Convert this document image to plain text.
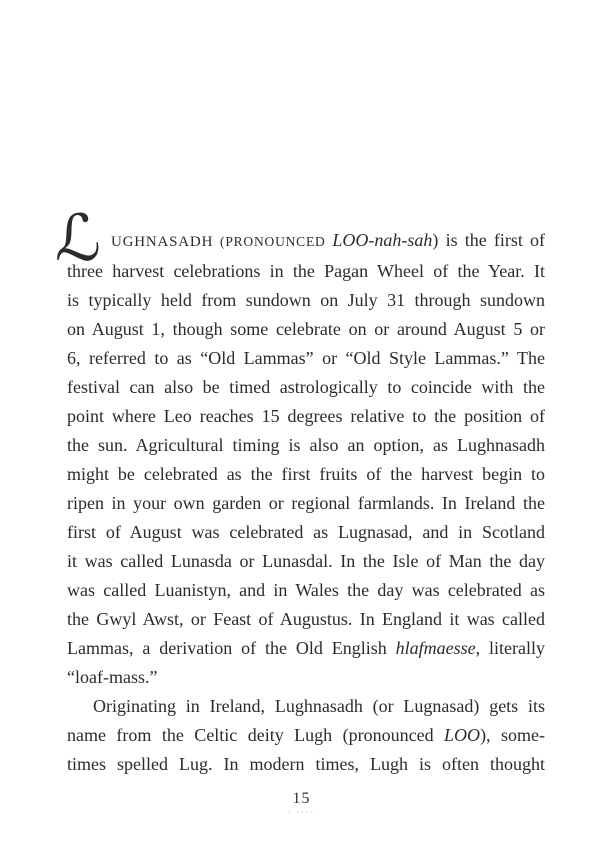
ℒ UGHNASADH (PRONOUNCED LOO-nah-sah) is the first of
three harvest celebrations in the Pagan Wheel of the Year. It
is typically held from sundown on July 31 through sundown
on August 1, though some celebrate on or around August 5 or
6, referred to as “Old Lammas” or “Old Style Lammas.” The
festival can also be timed astrologically to coincide with the
point where Leo reaches 15 degrees relative to the position of
the sun. Agricultural timing is also an option, as Lughnasadh
might be celebrated as the first fruits of the harvest begin to
ripen in your own garden or regional farmlands. In Ireland the
first of August was celebrated as Lugnasad, and in Scotland
it was called Lunasda or Lunasdal. In the Isle of Man the day
was called Luanistyn, and in Wales the day was celebrated as
the Gwyl Awst, or Feast of Augustus. In England it was called
Lammas, a derivation of the Old English hlafmaesse, literally
“loaf-mass.”
Originating in Ireland, Lughnasadh (or Lugnasad) gets its
name from the Celtic deity Lugh (pronounced LOO), some-
times spelled Lug. In modern times, Lugh is often thought
15
· ····
